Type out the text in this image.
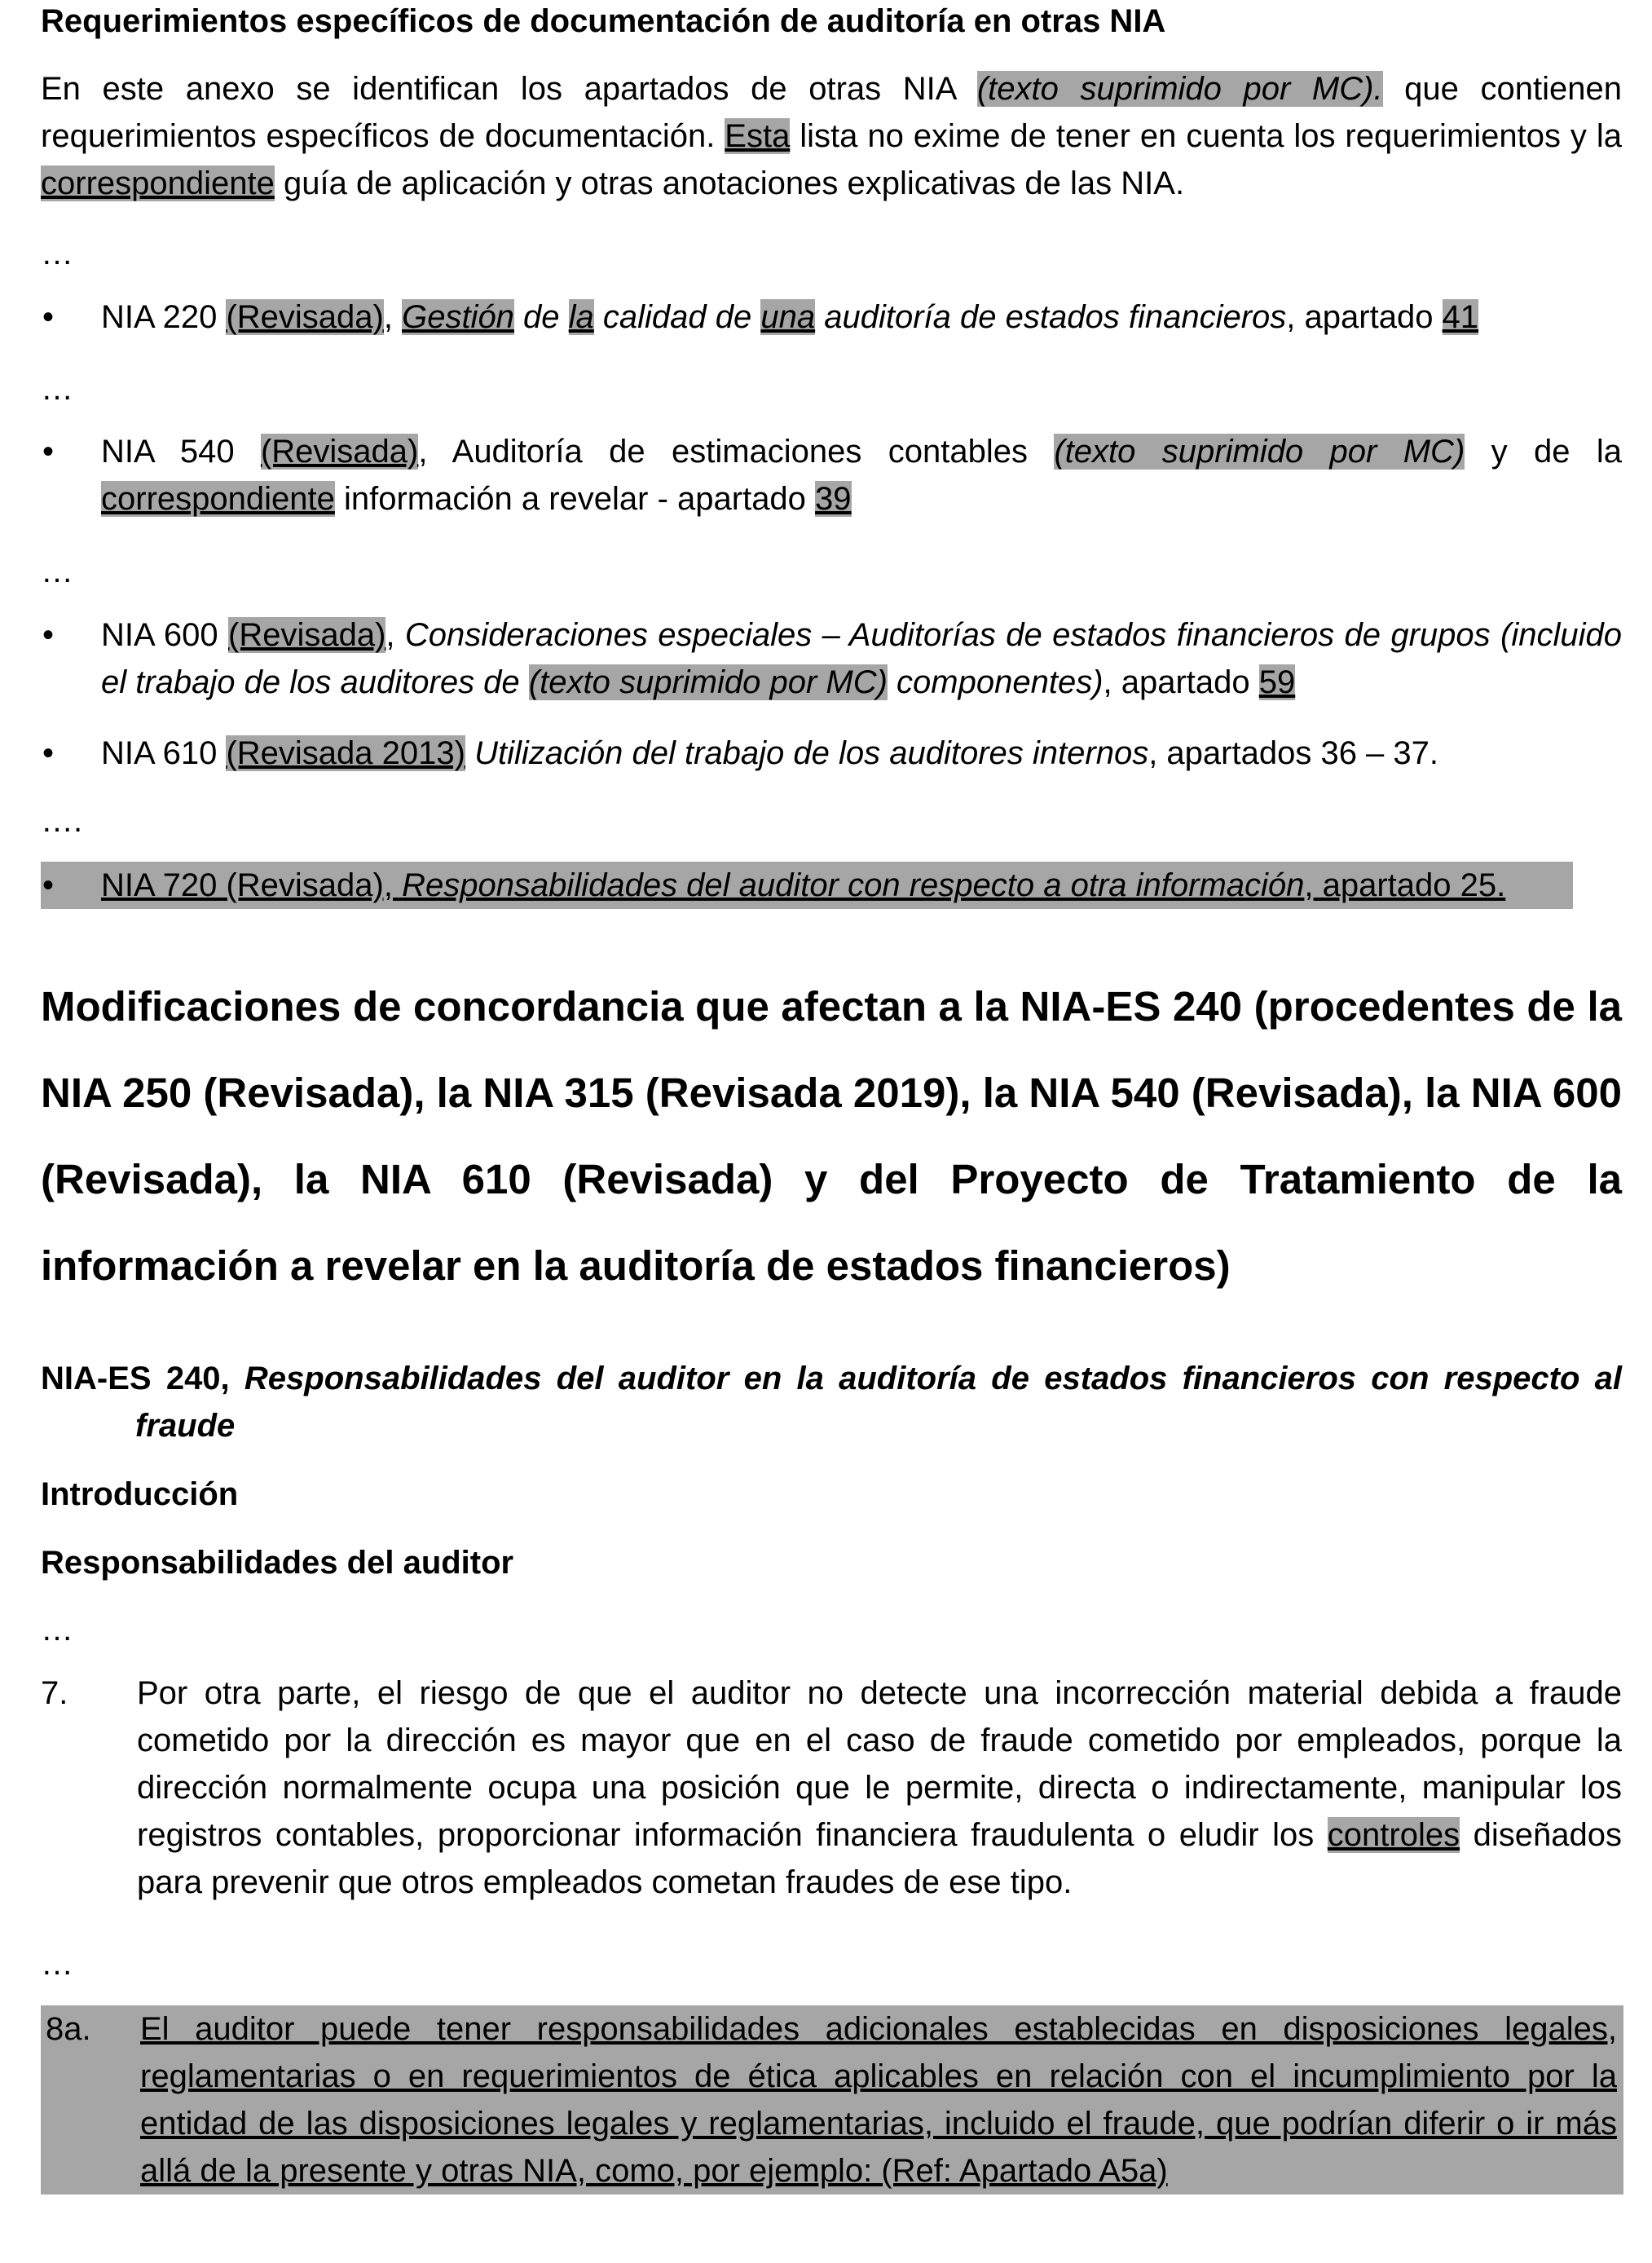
Requerimientos específicos de documentación de auditoría en otras NIA

En este anexo se identifican los apartados de otras NIA (texto suprimido por MC). que contienen requerimientos específicos de documentación. Esta lista no exime de tener en cuenta los requerimientos y la correspondiente guía de aplicación y otras anotaciones explicativas de las NIA.

…
• NIA 220 (Revisada), Gestión de la calidad de una auditoría de estados financieros, apartado 41
…
• NIA 540 (Revisada), Auditoría de estimaciones contables (texto suprimido por MC) y de la correspondiente información a revelar - apartado 39
…
• NIA 600 (Revisada), Consideraciones especiales – Auditorías de estados financieros de grupos (incluido el trabajo de los auditores de (texto suprimido por MC) componentes), apartado 59
• NIA 610 (Revisada 2013) Utilización del trabajo de los auditores internos, apartados 36 – 37.
….
• NIA 720 (Revisada), Responsabilidades del auditor con respecto a otra información, apartado 25.

Modificaciones de concordancia que afectan a la NIA-ES 240 (procedentes de la NIA 250 (Revisada), la NIA 315 (Revisada 2019), la NIA 540 (Revisada), la NIA 600 (Revisada), la NIA 610 (Revisada) y del Proyecto de Tratamiento de la información a revelar en la auditoría de estados financieros)

NIA-ES 240, Responsabilidades del auditor en la auditoría de estados financieros con respecto al fraude
Introducción
Responsabilidades del auditor
…
7. Por otra parte, el riesgo de que el auditor no detecte una incorrección material debida a fraude cometido por la dirección es mayor que en el caso de fraude cometido por empleados, porque la dirección normalmente ocupa una posición que le permite, directa o indirectamente, manipular los registros contables, proporcionar información financiera fraudulenta o eludir los controles diseñados para prevenir que otros empleados cometan fraudes de ese tipo.
…
8a. El auditor puede tener responsabilidades adicionales establecidas en disposiciones legales, reglamentarias o en requerimientos de ética aplicables en relación con el incumplimiento por la entidad de las disposiciones legales y reglamentarias, incluido el fraude, que podrían diferir o ir más allá de la presente y otras NIA, como, por ejemplo: (Ref: Apartado A5a)
